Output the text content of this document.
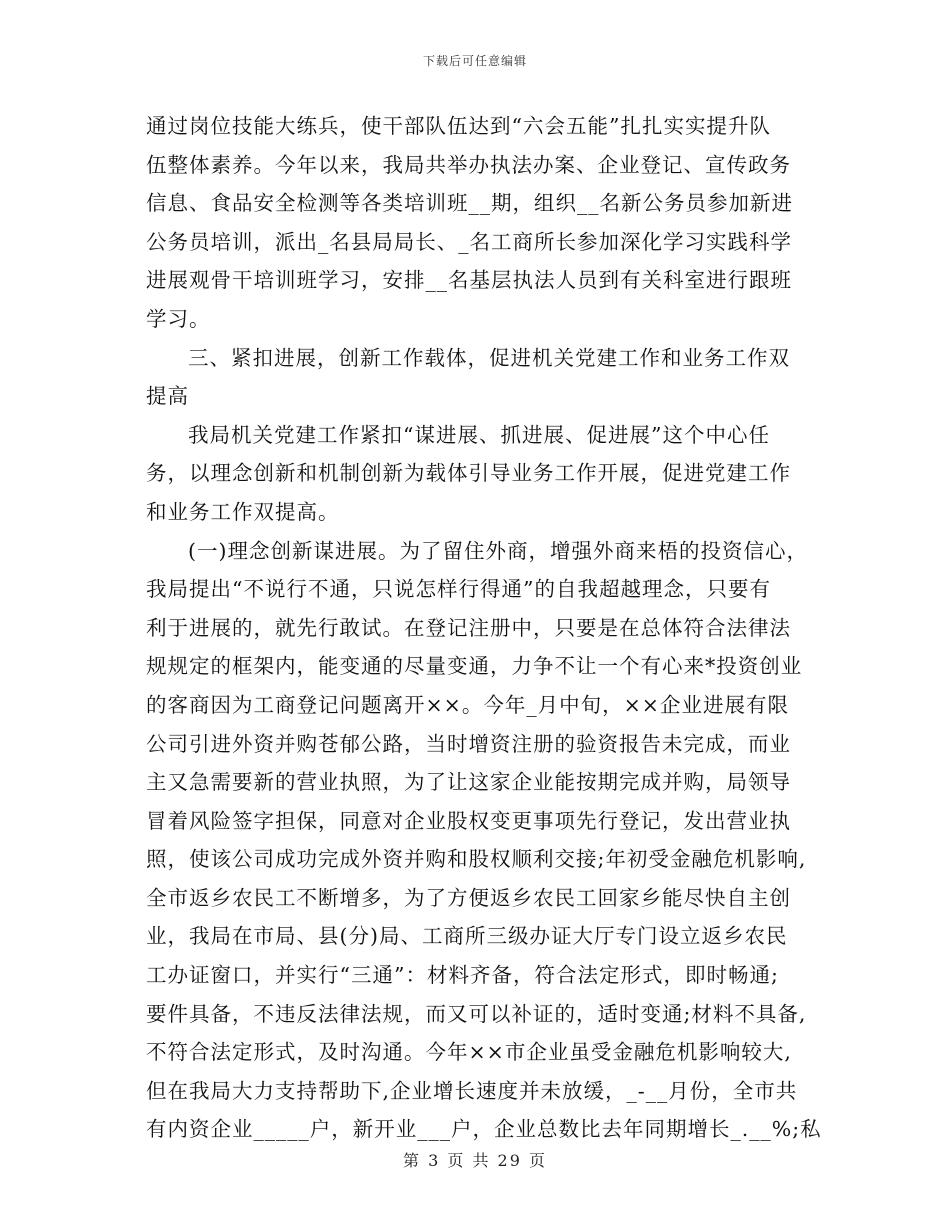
下载后可任意编辑
通过岗位技能大练兵，使干部队伍达到“六会五能”扎扎实实提升队
伍整体素养。今年以来，我局共举办执法办案、企业登记、宣传政务
信息、食品安全检测等各类培训班__期，组织__名新公务员参加新进
公务员培训，派出_名县局局长、_名工商所长参加深化学习实践科学
进展观骨干培训班学习，安排__名基层执法人员到有关科室进行跟班
学习。
三、紧扣进展，创新工作载体，促进机关党建工作和业务工作双
提高
我局机关党建工作紧扣“谋进展、抓进展、促进展”这个中心任
务，以理念创新和机制创新为载体引导业务工作开展，促进党建工作
和业务工作双提高。
(一)理念创新谋进展。为了留住外商，增强外商来梧的投资信心，
我局提出“不说行不通，只说怎样行得通”的自我超越理念，只要有
利于进展的，就先行敢试。在登记注册中，只要是在总体符合法律法
规规定的框架内，能变通的尽量变通，力争不让一个有心来*投资创业
的客商因为工商登记问题离开××。今年_月中旬，××企业进展有限
公司引进外资并购苍郁公路，当时增资注册的验资报告未完成，而业
主又急需要新的营业执照，为了让这家企业能按期完成并购，局领导
冒着风险签字担保，同意对企业股权变更事项先行登记，发出营业执
照，使该公司成功完成外资并购和股权顺利交接;年初受金融危机影响,
全市返乡农民工不断增多，为了方便返乡农民工回家乡能尽快自主创
业，我局在市局、县(分)局、工商所三级办证大厅专门设立返乡农民
工办证窗口，并实行“三通”：材料齐备，符合法定形式，即时畅通;
要件具备，不违反法律法规，而又可以补证的，适时变通;材料不具备,
不符合法定形式，及时沟通。今年××市企业虽受金融危机影响较大,
但在我局大力支持帮助下,企业增长速度并未放缓，_-__月份，全市共
有内资企业_____户，新开业___户，企业总数比去年同期增长_.__%;私
第 3 页 共 29 页
